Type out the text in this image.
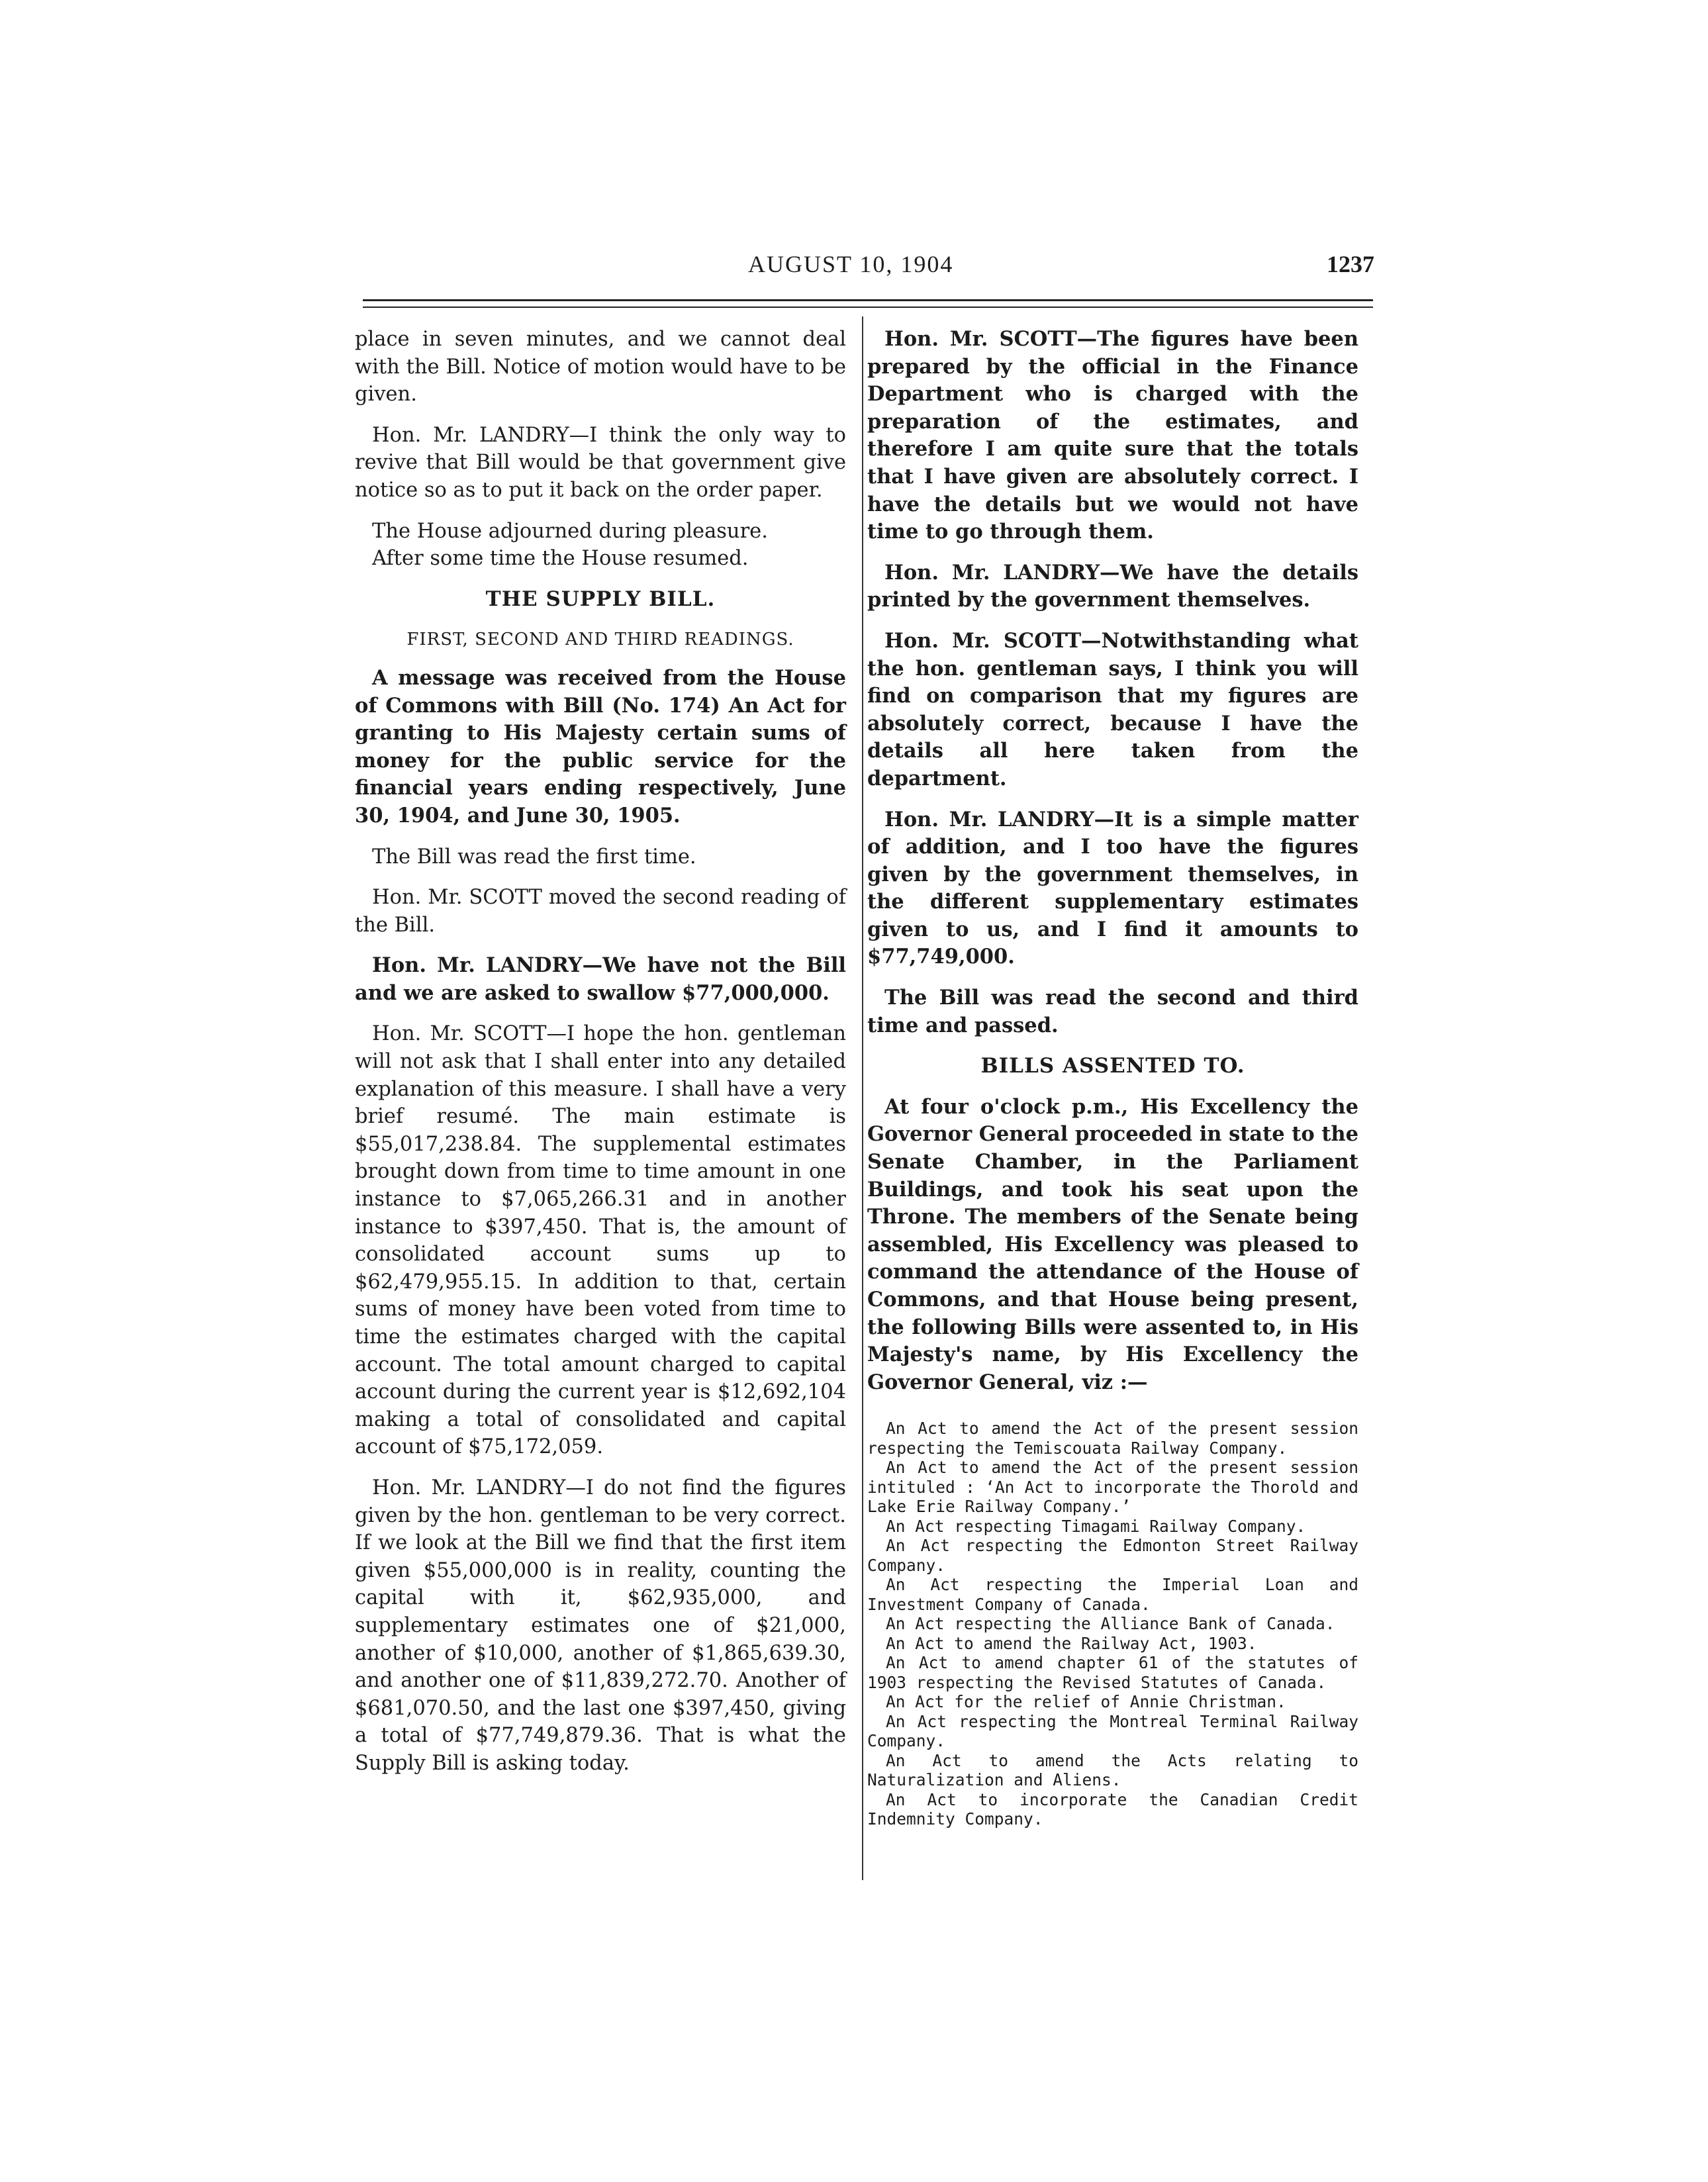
AUGUST 10, 1904	1237

place in seven minutes, and we cannot deal with the Bill. Notice of motion would have to be given.

Hon. Mr. LANDRY—I think the only way to revive that Bill would be that government give notice so as to put it back on the order paper.

The House adjourned during pleasure.

After some time the House resumed.

THE SUPPLY BILL.
FIRST, SECOND AND THIRD READINGS.

A message was received from the House of Commons with Bill (No. 174) An Act for granting to His Majesty certain sums of money for the public service for the financial years ending respectively, June 30, 1904, and June 30, 1905.

The Bill was read the first time.

Hon. Mr. SCOTT moved the second reading of the Bill.

Hon. Mr. LANDRY—We have not the Bill and we are asked to swallow $77,000,000.

Hon. Mr. SCOTT—I hope the hon. gentleman will not ask that I shall enter into any detailed explanation of this measure. I shall have a very brief resumé. The main estimate is $55,017,238.84. The supplemental estimates brought down from time to time amount in one instance to $7,065,266.31 and in another instance to $397,450. That is, the amount of consolidated account sums up to $62,479,955.15. In addition to that, certain sums of money have been voted from time to time the estimates charged with the capital account. The total amount charged to capital account during the current year is $12,692,104 making a total of consolidated and capital account of $75,172,059.

Hon. Mr. LANDRY—I do not find the figures given by the hon. gentleman to be very correct. If we look at the Bill we find that the first item given $55,000,000 is in reality, counting the capital with it, $62,935,000, and supplementary estimates one of $21,000, another of $10,000, another of $1,865,639.30, and another one of $11,839,272.70. Another of $681,070.50, and the last one $397,450, giving a total of $77,749,879.36. That is what the Supply Bill is asking today.

Hon. Mr. SCOTT—The figures have been prepared by the official in the Finance Department who is charged with the preparation of the estimates, and therefore I am quite sure that the totals that I have given are absolutely correct. I have the details but we would not have time to go through them.

Hon. Mr. LANDRY—We have the details printed by the government themselves.

Hon. Mr. SCOTT—Notwithstanding what the hon. gentleman says, I think you will find on comparison that my figures are absolutely correct, because I have the details all here taken from the department.

Hon. Mr. LANDRY—It is a simple matter of addition, and I too have the figures given by the government themselves, in the different supplementary estimates given to us, and I find it amounts to $77,749,000.

The Bill was read the second and third time and passed.

BILLS ASSENTED TO.

At four o'clock p.m., His Excellency the Governor General proceeded in state to the Senate Chamber, in the Parliament Buildings, and took his seat upon the Throne. The members of the Senate being assembled, His Excellency was pleased to command the attendance of the House of Commons, and that House being present, the following Bills were assented to, in His Majesty's name, by His Excellency the Governor General, viz :—

An Act to amend the Act of the present session respecting the Temiscouata Railway Company.

An Act to amend the Act of the present session intituled : ‘An Act to incorporate the Thorold and Lake Erie Railway Company.’

An Act respecting Timagami Railway Company.

An Act respecting the Edmonton Street Railway Company.

An Act respecting the Imperial Loan and Investment Company of Canada.

An Act respecting the Alliance Bank of Canada.

An Act to amend the Railway Act, 1903.

An Act to amend chapter 61 of the statutes of 1903 respecting the Revised Statutes of Canada.

An Act for the relief of Annie Christman.

An Act respecting the Montreal Terminal Railway Company.

An Act to amend the Acts relating to Naturalization and Aliens.

An Act to incorporate the Canadian Credit Indemnity Company.
